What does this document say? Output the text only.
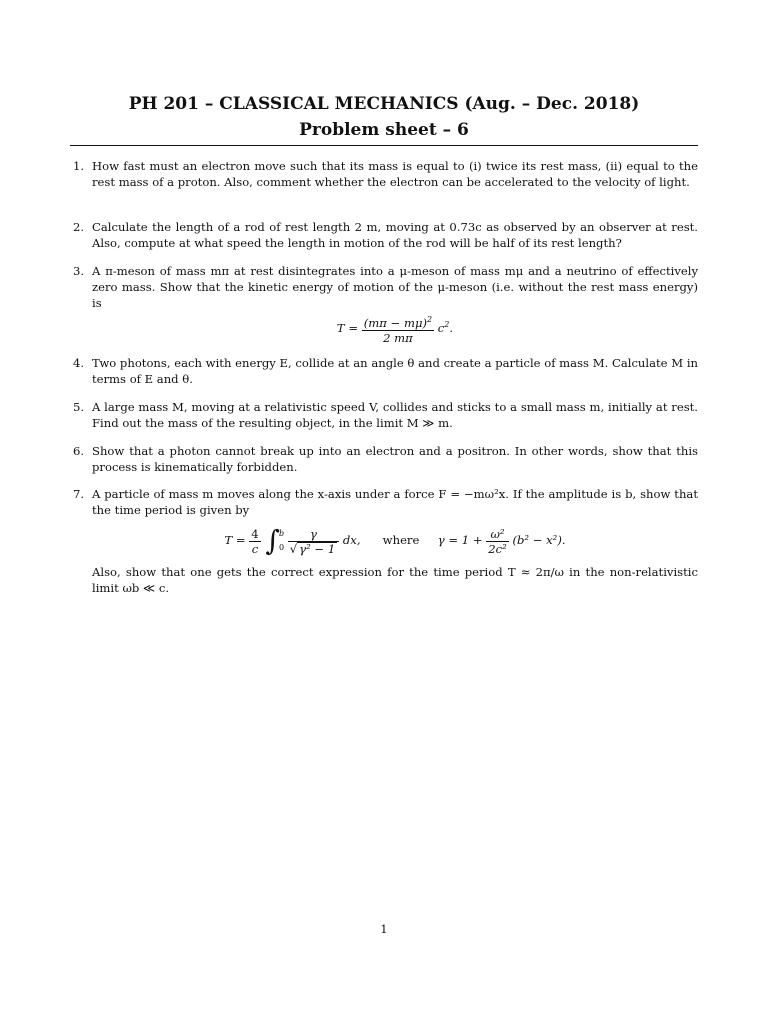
PH 201 – CLASSICAL MECHANICS (Aug. – Dec. 2018)
Problem sheet – 6
1. How fast must an electron move such that its mass is equal to (i) twice its rest mass, (ii) equal to the rest mass of a proton. Also, comment whether the electron can be accelerated to the velocity of light.
2. Calculate the length of a rod of rest length 2 m, moving at 0.73c as observed by an observer at rest. Also, compute at what speed the length in motion of the rod will be half of its rest length?
3. A π-meson of mass mπ at rest disintegrates into a μ-meson of mass mμ and a neutrino of effectively zero mass. Show that the kinetic energy of motion of the μ-meson (i.e. without the rest mass energy) is
$T = \frac{(m\pi - m\mu)^2}{2 m\pi} c^2$.
4. Two photons, each with energy E, collide at an angle θ and create a particle of mass M. Calculate M in terms of E and θ.
5. A large mass M, moving at a relativistic speed V, collides and sticks to a small mass m, initially at rest. Find out the mass of the resulting object, in the limit M ≫ m.
6. Show that a photon cannot break up into an electron and a positron. In other words, show that this process is kinematically forbidden.
7. A particle of mass m moves along the x-axis under a force F = −mω²x. If the amplitude is b, show that the time period is given by
$T = \frac{4}{c}$ ∫ b
0
$\frac{\gamma}{\text{√ γ² − 1}}$ dx, where $\gamma = 1 + \frac{\text{ω²}}{\text{2c²}} (b^2 - x^2)$.
Also, show that one gets the correct expression for the time period T ≈ 2π/ω in the non-relativistic limit ωb ≪ c.
1
